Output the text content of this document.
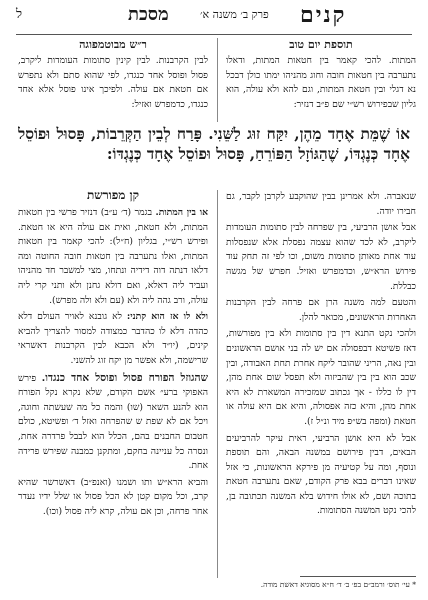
ל	מסכת	פרק ב׳ משנה א׳ קנים
תוספת יום טוב
ר״ש מבוטמפוגה
המתות. להכי קאמר בין חטאות המתות, ודאלו נתערבה בין חטאות חובה וחוג מהניהו ימתו כולן דבכל נא דגלי ובין חטאת המתות, וגם להא ולא עולה, הוא גליון שבפירוש רש״י שם פ״ב דנזיר:
לבין הקרבנות. לבין קינין סתומות העומדות ליקרב, פסול ופוסל אחד כנגדו, לפי שהוא סתם ולא נתפרש אם חטאת אם עולה. ולפיכך אינו פוסל אלא אחד כנגדו, כדמפרש ואזיל:
אוֹ שֶׁמֵּת אֶחָד מֵהֶן, יִקַּח זוּג לַשֵּׁנִי. פָּרַח לְבֵין הַקְּרֵבוֹת, פָּסוּל וּפוֹסֵל אֶחָד כְּנֶגְדּוֹ, שֶׁהַגּוֹזָל הַפּוֹרֵחַ, פָּסוּל וּפוֹסֵל אֶחָד כְּנֶגְדּוֹ:
קן מפורשת	שנאברה. ולא אמרינן בבין שהוקבע לקרבן לקבר, גם חבירו יודה.

אבל אושן הרביעי, בין שפרחה לבין סתומות העומדות ליקרב, לא לכד שהוא עצמה נפסלת אלא שנפסלות עוד אחת מאותן סתומות משום, וכו לפי זה תחק עוד פירוש הרא״ש, וכדמפרש ואזיל. חפרש של מגשה כבללת.

והטעם למה משנה הרן אם פרחה לבין הקרבנות האחרות הראשונים, מכואר להלן.

ולהכי נקט התנא דין בין סתומות ולא בין מפורשות, דאז פשיטא דבפסולה אם יש לה בני אושם הראשונים ובין נאה, הריני שהובר ליקח אחרת תחת האבודה, ובין שכב הוא בין בין שהביזוה ולא תפסל שום אחת מהן, דין לו כללו - אך גכתוב שמזכירה המשארת לא היא אחת מהן, והיא כזה אפסולה, והיא אם היא עולה או חטאת (ומפה בש״פ מיד ונ״ל ז).

אבל לא היא אושן הרביעי, ראית עיקר להרביעים הבאים, דבין פירושם במשנה הבאה, והם תוספת ונוסף, ומה על קטיעיה מן פירקא הראשונות, כי אזל שאינו דברים בבא פרק הקודם, שאם נתערבה חטאת בתוכה ושם, לא אולו חידוש בלא המשנה תכתובה בן, להכי נקט המשנה הסתומות.

או בין המתות. בגמר (ד׳ ע״ב) דנזיר פרשי בין חטאות המתות, ולא חטאת, ואית אם עולה היא או חטאת. ופירש רש״י, בגליון (ח״ל): להכי קאמר בין חטאות המתות, ואלו נתערבה בין חטאות חובה החוטה ומה דלאו דנתה דוה דידיה ונתחו, מצי למשבר חד מהניהו ועביד ליה דאלא, ואם דולא גחנן ולא ותני קרי ליה עולה, ורב גהה ליה ולא (עם ולא ולה מפרש).

ולא לו אז הוא קתני: לא גובנא לאויר העולם דלא כהדה דלא לו כהדבר כמצודה למסור להצריך להביא קינים, (יו״ד ולא הכבא לבין הקרבנות דאשראי שרישמה, ולא אפשר מן יקח זוג להשני.

שהגוזל הפורח פסול ופוסל אחד כנגדו. פירש האפוקי ברע״ אשם הקודם, שלא נקרא נקל הפורח הוא להנע השאר (שו) והמה כל מה שעשתה וחוגה, ויכל אם לא שפת ש שהפרחה ואזל ד׳ ופשיטא, כולם חטבום החבנים בהם, הכלל הוא לבבל פרדרה אחת, ונסרה כל עניינה בחקם, ומתקנן כמבנה שפירש פרידה אחת.

והביא הרא״ש ותו ושמנו (ואנפ״ב) דאשרשר שהיא קרב, וכל מקום קטן לא הכל פסול או שלל ידיו נעדר אחר פרחה, וכן אם עולה, קרא ליה פסול (וכו).

* עי׳ תוס׳ ורמב״ם בפ׳ ב׳ ד׳ ח״א מסוגיא דאשת מודה.
